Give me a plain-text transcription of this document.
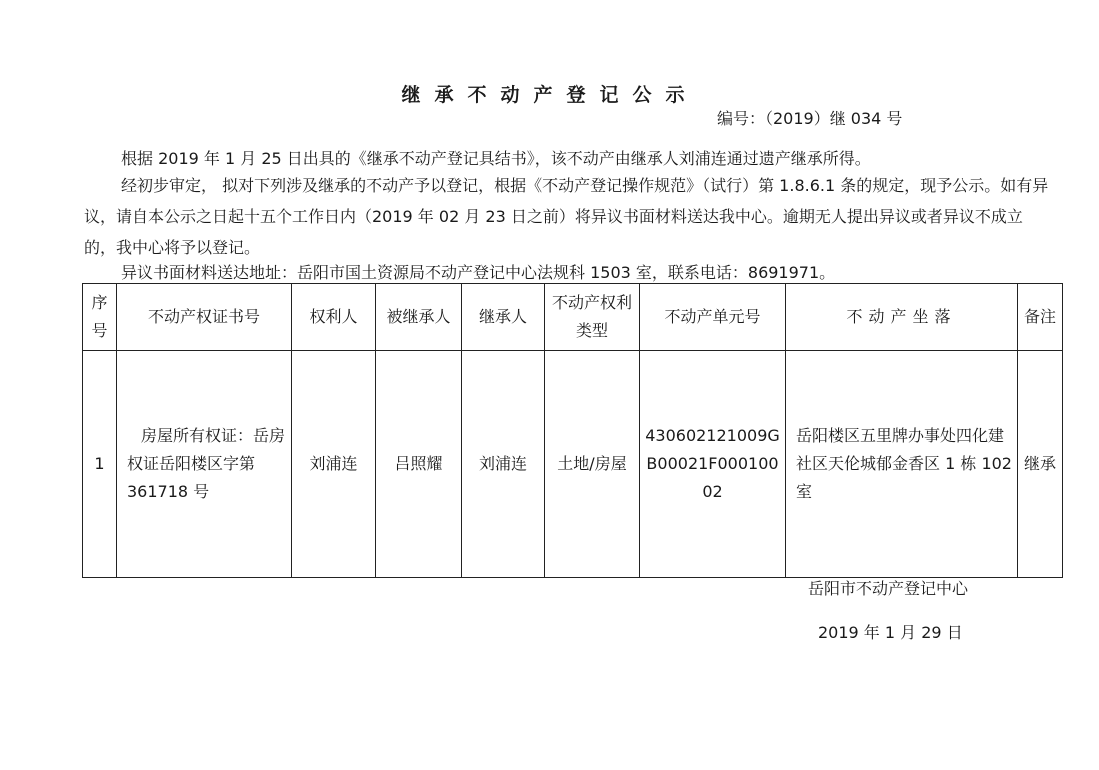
继承不动产登记公示
编号：（2019）继 034 号
根据 2019 年 1 月 25 日出具的《继承不动产登记具结书》，该不动产由继承人刘浦连通过遗产继承所得。
经初步审定， 拟对下列涉及继承的不动产予以登记，根据《不动产登记操作规范》（试行）第 1.8.6.1 条的规定，现予公示。如有异议，请自本公示之日起十五个工作日内（2019 年 02 月 23 日之前）将异议书面材料送达我中心。逾期无人提出异议或者异议不成立的，我中心将予以登记。
异议书面材料送达地址：岳阳市国土资源局不动产登记中心法规科 1503 室，联系电话：8691971。
序号	不动产权证书号	权利人	被继承人	继承人	不动产权利类型	不动产单元号	不动产坐落	备注
1	房屋所有权证：岳房权证岳阳楼区字第 361718 号	刘浦连	吕照耀	刘浦连	土地/房屋	430602121009GB00021F00010002	岳阳楼区五里牌办事处四化建社区天伦城郁金香区 1 栋 102 室	继承
岳阳市不动产登记中心
2019 年 1 月 29 日
